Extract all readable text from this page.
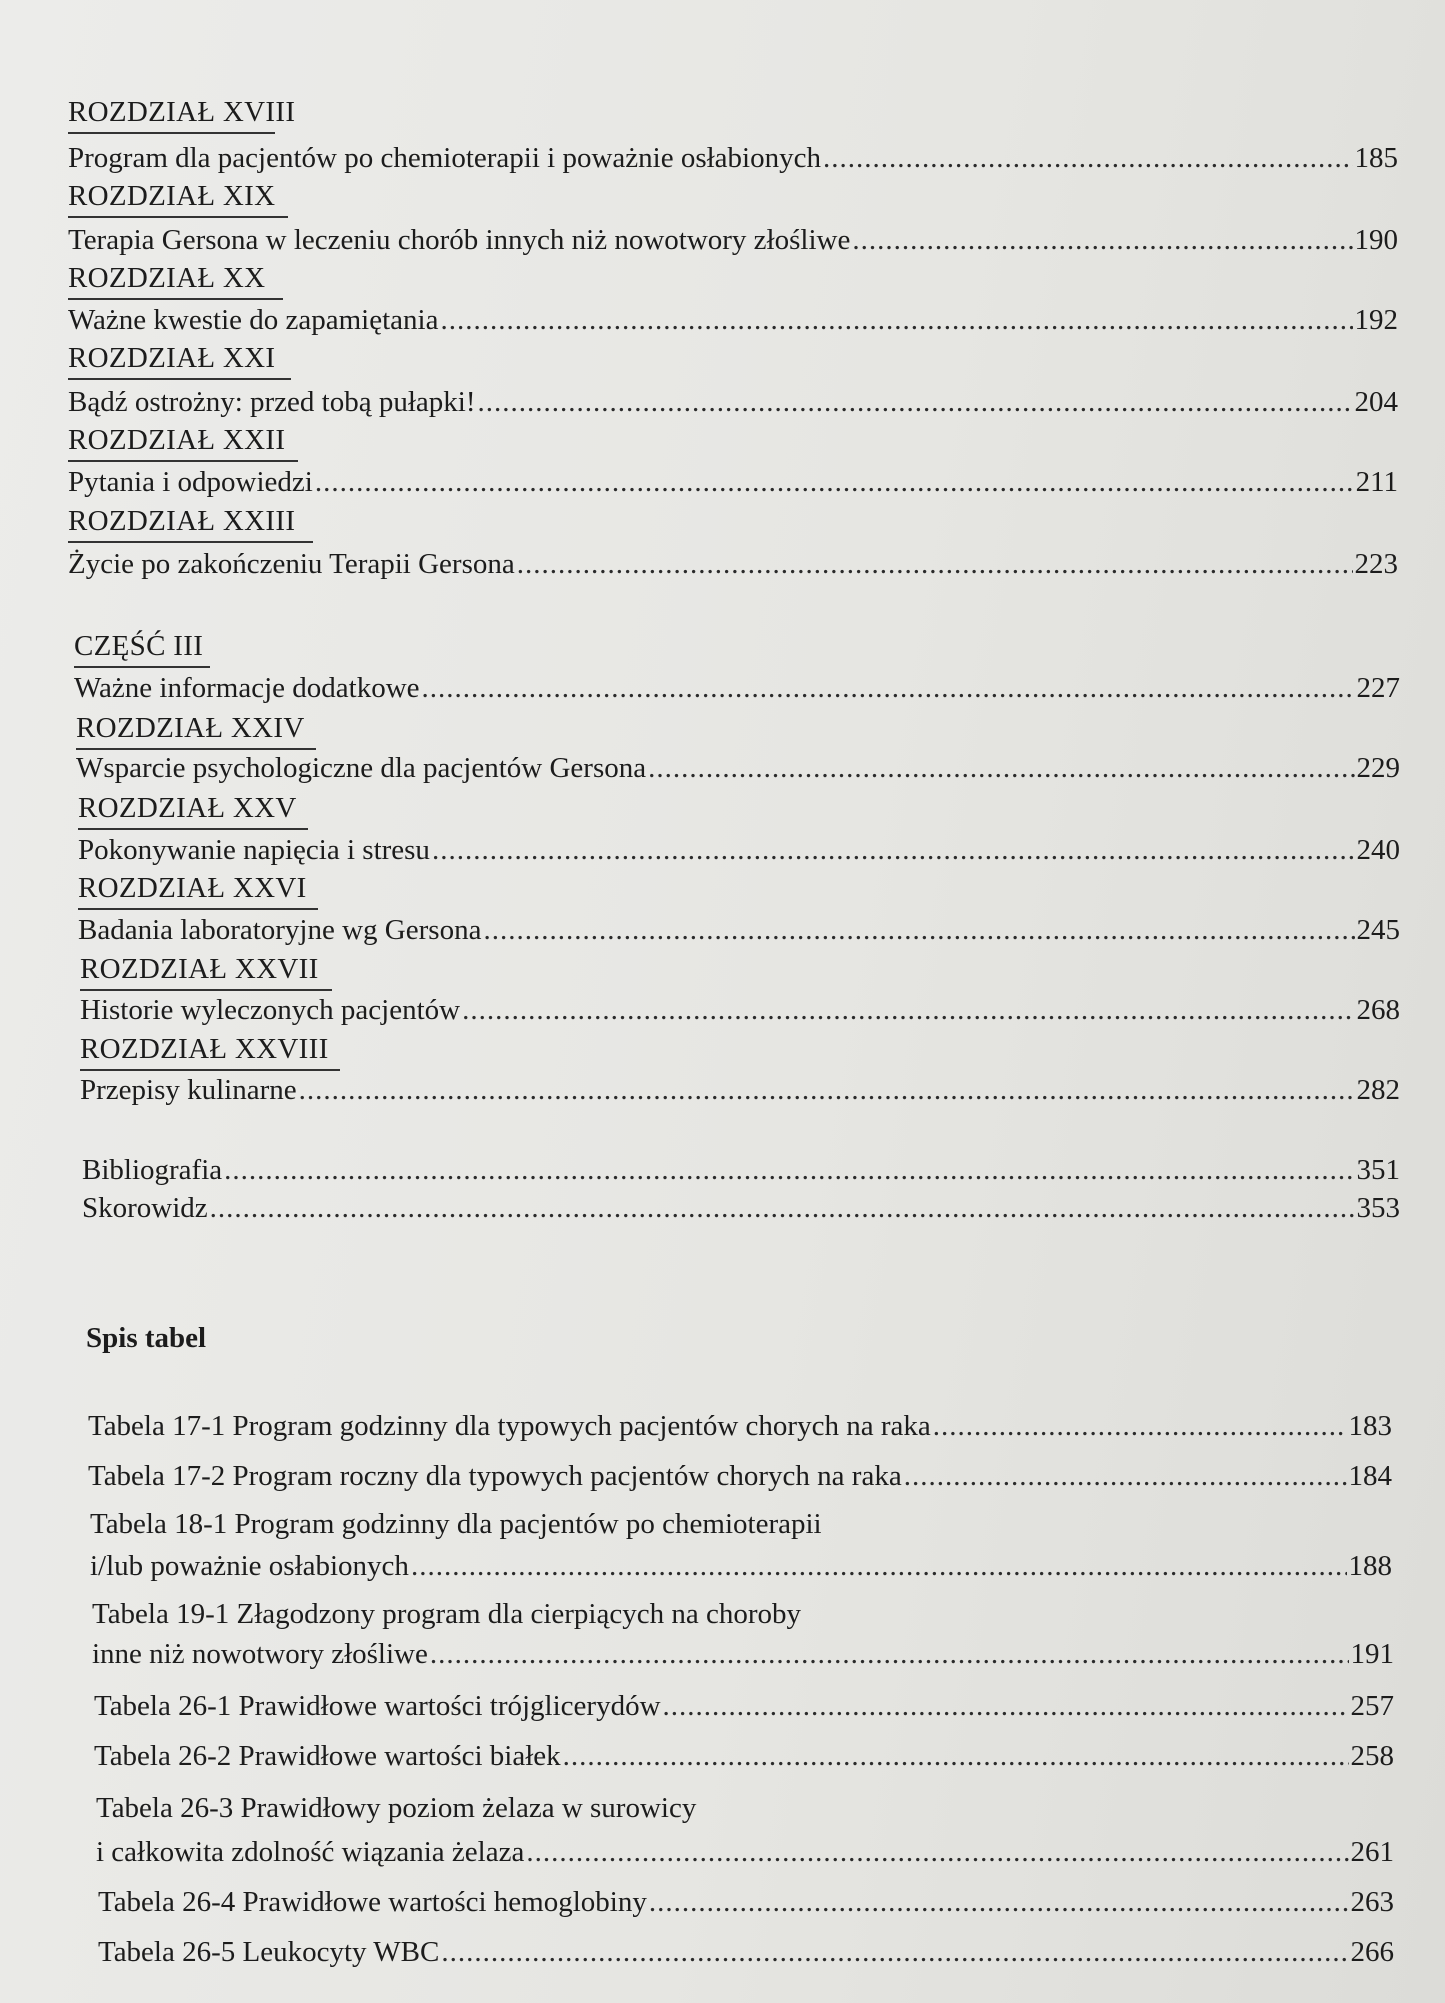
ROZDZIAŁ XVIII
Program dla pacjentów po chemioterapii i poważnie osłabionych .....	185
ROZDZIAŁ XIX
Terapia Gersona w leczeniu chorób innych niż nowotwory złośliwe .....	190
ROZDZIAŁ XX
Ważne kwestie do zapamiętania .....	192
ROZDZIAŁ XXI
Bądź ostrożny: przed tobą pułapki! .....	204
ROZDZIAŁ XXII
Pytania i odpowiedzi .....	211
ROZDZIAŁ XXIII
Życie po zakończeniu Terapii Gersona .....	223
CZĘŚĆ III
Ważne informacje dodatkowe .....	227
ROZDZIAŁ XXIV
Wsparcie psychologiczne dla pacjentów Gersona .....	229
ROZDZIAŁ XXV
Pokonywanie napięcia i stresu .....	240
ROZDZIAŁ XXVI
Badania laboratoryjne wg Gersona .....	245
ROZDZIAŁ XXVII
Historie wyleczonych pacjentów .....	268
ROZDZIAŁ XXVIII
Przepisy kulinarne .....	282
Bibliografia .....	351
Skorowidz .....	353
Spis tabel
Tabela 17-1 Program godzinny dla typowych pacjentów chorych na raka .....	183
Tabela 17-2 Program roczny dla typowych pacjentów chorych na raka .....	184
Tabela 18-1 Program godzinny dla pacjentów po chemioterapii
i/lub poważnie osłabionych .....	188
Tabela 19-1 Złagodzony program dla cierpiących na choroby
inne niż nowotwory złośliwe .....	191
Tabela 26-1 Prawidłowe wartości trójglicerydów .....	257
Tabela 26-2 Prawidłowe wartości białek .....	258
Tabela 26-3 Prawidłowy poziom żelaza w surowicy
i całkowita zdolność wiązania żelaza .....	261
Tabela 26-4 Prawidłowe wartości hemoglobiny .....	263
Tabela 26-5 Leukocyty WBC .....	266
